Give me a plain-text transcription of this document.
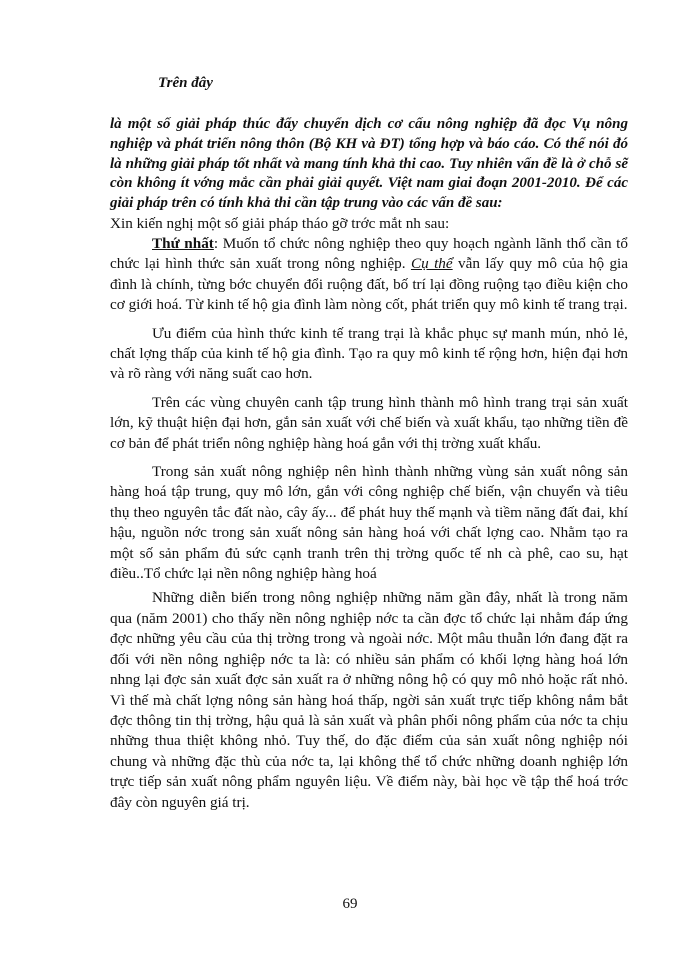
Trên đây

là một số giải pháp thúc đẩy chuyển dịch cơ cấu nông nghiệp đã đọc Vụ nông nghiệp và phát triển nông thôn (Bộ KH và ĐT) tổng hợp và báo cáo. Có thể nói đó là những giải pháp tốt nhất và mang tính khả thi cao. Tuy nhiên vấn đề là ở chỗ sẽ còn không ít vớng mắc cần phải giải quyết. Việt nam giai đoạn 2001-2010. Để các giải pháp trên có tính khả thi cần tập trung vào các vấn đề sau:

Xin kiến nghị một số giải pháp tháo gỡ trớc mắt nh sau:

Thứ nhất: Muốn tổ chức nông nghiệp theo quy hoạch ngành lãnh thổ cần tổ chức lại hình thức sản xuất trong nông nghiệp. Cụ thể vẫn lấy quy mô của hộ gia đình là chính, từng bớc chuyển đổi ruộng đất, bố trí lại đồng ruộng tạo điều kiện cho cơ giới hoá. Từ kinh tế hộ gia đình làm nòng cốt, phát triển quy mô kinh tế trang trại.

Ưu điểm của hình thức kinh tế trang trại là khắc phục sự manh mún, nhỏ lẻ, chất lợng thấp của kinh tế hộ gia đình. Tạo ra quy mô kinh tế rộng hơn, hiện đại hơn và rõ ràng với năng suất cao hơn.

Trên các vùng chuyên canh tập trung hình thành mô hình trang trại sản xuất lớn, kỹ thuật hiện đại hơn, gắn sản xuất với chế biến và xuất khẩu, tạo những tiền đề cơ bản để phát triển nông nghiệp hàng hoá gắn với thị trờng xuất khẩu.

Trong sản xuất nông nghiệp nên hình thành những vùng sản xuất nông sản hàng hoá tập trung, quy mô lớn, gắn với công nghiệp chế biến, vận chuyển và tiêu thụ theo nguyên tắc đất nào, cây ấy... để phát huy thế mạnh và tiềm năng đất đai, khí hậu, nguồn nớc trong sản xuất nông sản hàng hoá với chất lợng cao. Nhằm tạo ra một số sản phẩm đủ sức cạnh tranh trên thị trờng quốc tế nh cà phê, cao su, hạt điều..Tổ chức lại nền nông nghiệp hàng hoá

Những diễn biến trong nông nghiệp những năm gần đây, nhất là trong năm qua (năm 2001) cho thấy nền nông nghiệp nớc ta cần đợc tổ chức lại nhằm đáp ứng đợc những yêu cầu của thị trờng trong và ngoài nớc. Một mâu thuẫn lớn đang đặt ra đối với nền nông nghiệp nớc ta là: có nhiều sản phẩm có khối lợng hàng hoá lớn nhng lại đợc sản xuất đợc sản xuất ra ở những nông hộ có quy mô nhỏ hoặc rất nhỏ. Vì thế mà chất lợng nông sản hàng hoá thấp, ngời sản xuất trực tiếp không nắm bắt đợc thông tin thị trờng, hậu quả là sản xuất và phân phối nông phẩm của nớc ta chịu những thua thiệt không nhỏ. Tuy thế, do đặc điểm của sản xuất nông nghiệp nói chung và những đặc thù của nớc ta, lại không thể tổ chức những doanh nghiệp lớn trực tiếp sản xuất nông phẩm nguyên liệu. Về điểm này, bài học về tập thể hoá trớc đây còn nguyên giá trị.

69
